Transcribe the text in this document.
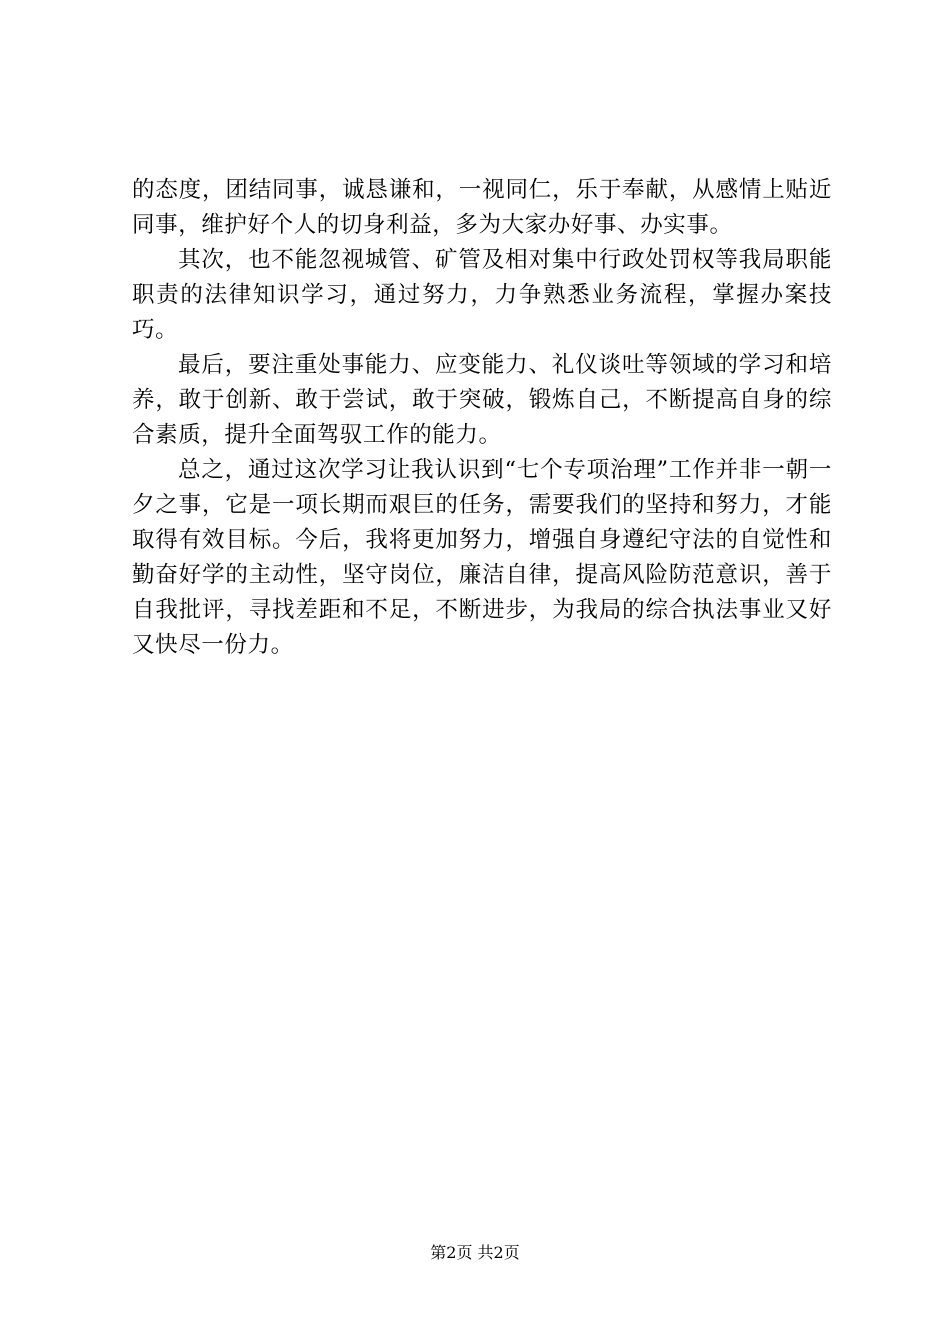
的态度，团结同事，诚恳谦和，一视同仁，乐于奉献，从感情上贴近同事，维护好个人的切身利益，多为大家办好事、办实事。

其次，也不能忽视城管、矿管及相对集中行政处罚权等我局职能职责的法律知识学习，通过努力，力争熟悉业务流程，掌握办案技巧。

最后，要注重处事能力、应变能力、礼仪谈吐等领域的学习和培养，敢于创新、敢于尝试，敢于突破，锻炼自己，不断提高自身的综合素质，提升全面驾驭工作的能力。

总之，通过这次学习让我认识到“七个专项治理”工作并非一朝一夕之事，它是一项长期而艰巨的任务，需要我们的坚持和努力，才能取得有效目标。今后，我将更加努力，增强自身遵纪守法的自觉性和勤奋好学的主动性，坚守岗位，廉洁自律，提高风险防范意识，善于自我批评，寻找差距和不足，不断进步，为我局的综合执法事业又好又快尽一份力。

第2页 共2页
